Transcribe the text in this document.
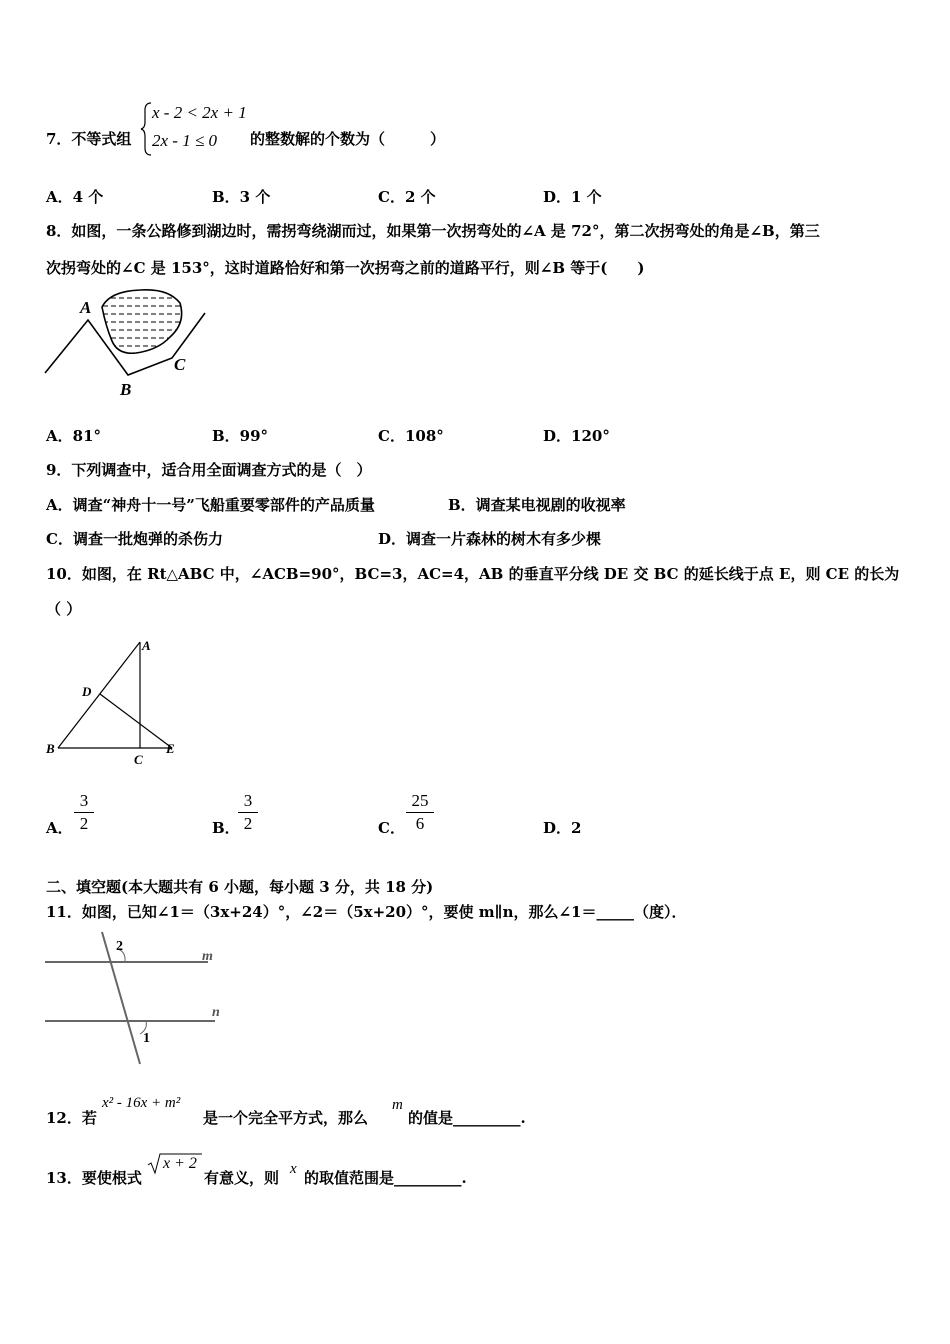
7．不等式组
x - 2 < 2x + 1
2x - 1 ≤ 0 的整数解的个数为（　　　）
A．4 个	B．3 个	C．2 个	D．1 个
8．如图，一条公路修到湖边时，需拐弯绕湖而过，如果第一次拐弯处的∠A 是 72°，第二次拐弯处的角是∠B，第三
次拐弯处的∠C 是 153°，这时道路恰好和第一次拐弯之前的道路平行，则∠B 等于(　　)
A
B
C
A．81°	B．99°	C．108°	D．120°
9．下列调查中，适合用全面调查方式的是（　）
A．调查“神舟十一号”飞船重要零部件的产品质量	B．调查某电视剧的收视率
C．调查一批炮弹的杀伤力	D．调查一片森林的树木有多少棵
10．如图，在 Rt△ABC 中，∠ACB=90°，BC=3，AC=4，AB 的垂直平分线 DE 交 BC 的延长线于点 E，则 CE 的长为
（ ）
A
B
C
D
E
A．
3
2	B．
3
2	C．
25
6	D．2
二、填空题(本大题共有 6 小题，每小题 3 分，共 18 分)
11．如图，已知∠1＝（3x+24）°，∠2＝（5x+20）°，要使 m∥n，那么∠1＝_____（度）．
2
1
m
n
12．若
x² - 16x + m²
是一个完全平方式，那么
m
的值是_________.
13．要使根式
x + 2
有意义，则 x 的取值范围是_________.
